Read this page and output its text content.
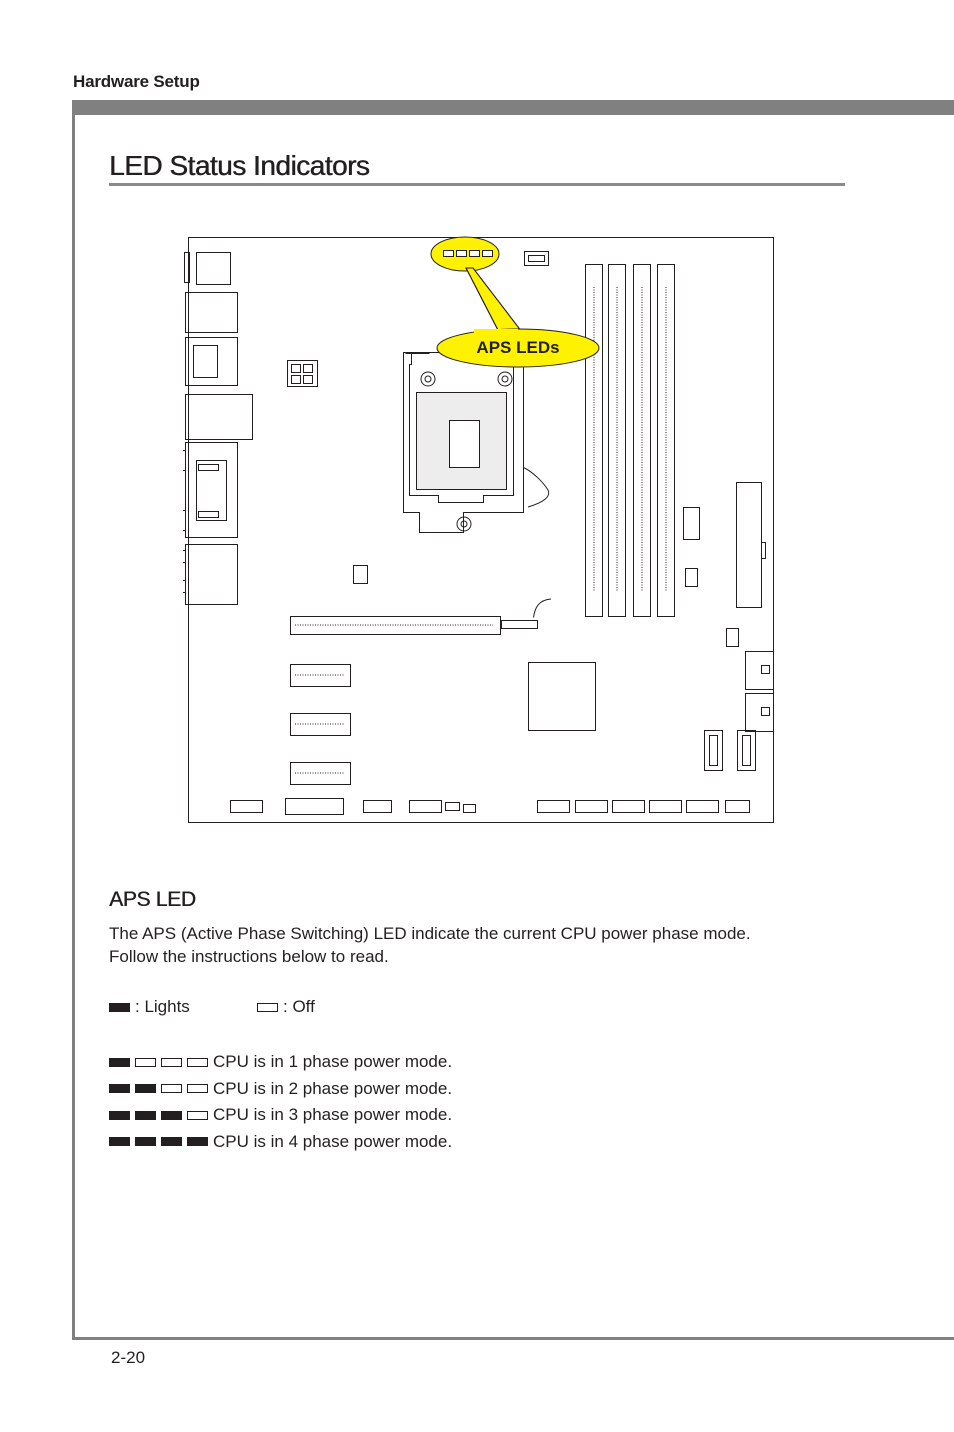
Hardware Setup
LED Status Indicators
APS LEDs
APS LED

The APS (Active Phase Switching) LED indicate the current CPU power phase mode.
Follow the instructions below to read.

: Lights	: Off
CPU is in 1 phase power mode.
CPU is in 2 phase power mode.
CPU is in 3 phase power mode.
CPU is in 4 phase power mode.
2-20
